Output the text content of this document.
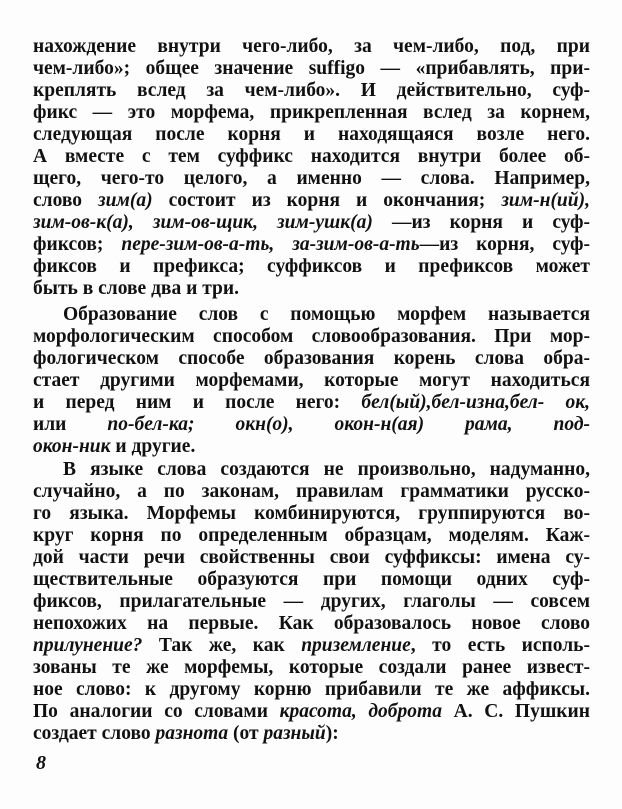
нахождение внутри чего-либо, за чем-либо, под, при
чем-либо»; общее значение suffigo — «прибавлять, при-
креплять вслед за чем-либо». И действительно, суф-
фикс — это морфема, прикрепленная вслед за корнем,
следующая после корня и находящаяся возле него.
А вместе с тем суффикс находится внутри более об-
щего, чего-то целого, а именно — слова. Например,
слово зим(а) состоит из корня и окончания; зим-н(ий),
зим-ов-к(а), зим-ов-щик, зим-ушк(а) —из корня и суф-
фиксов; пере-зим-ов-а-ть, за-зим-ов-а-ть—из корня, суф-
фиксов и префикса; суффиксов и префиксов может
быть в слове два и три.
Образование слов с помощью морфем называется
морфологическим способом словообразования. При мор-
фологическом способе образования корень слова обра-
стает другими морфемами, которые могут находиться
и перед ним и после него: бел(ый),бел-изна,бел- ок,
или по-бел-ка; окн(о), окон-н(ая) рама, под-
окон-ник и другие.
В языке слова создаются не произвольно, надуманно,
случайно, а по законам, правилам грамматики русско-
го языка. Морфемы комбинируются, группируются во-
круг корня по определенным образцам, моделям. Каж-
дой части речи свойственны свои суффиксы: имена су-
ществительные образуются при помощи одних суф-
фиксов, прилагательные — других, глаголы — совсем
непохожих на первые. Как образовалось новое слово
прилунение? Так же, как приземление, то есть исполь-
зованы те же морфемы, которые создали ранее извест-
ное слово: к другому корню прибавили те же аффиксы.
По аналогии со словами красота, доброта А. С. Пушкин
создает слово разнота (от разный):
8
